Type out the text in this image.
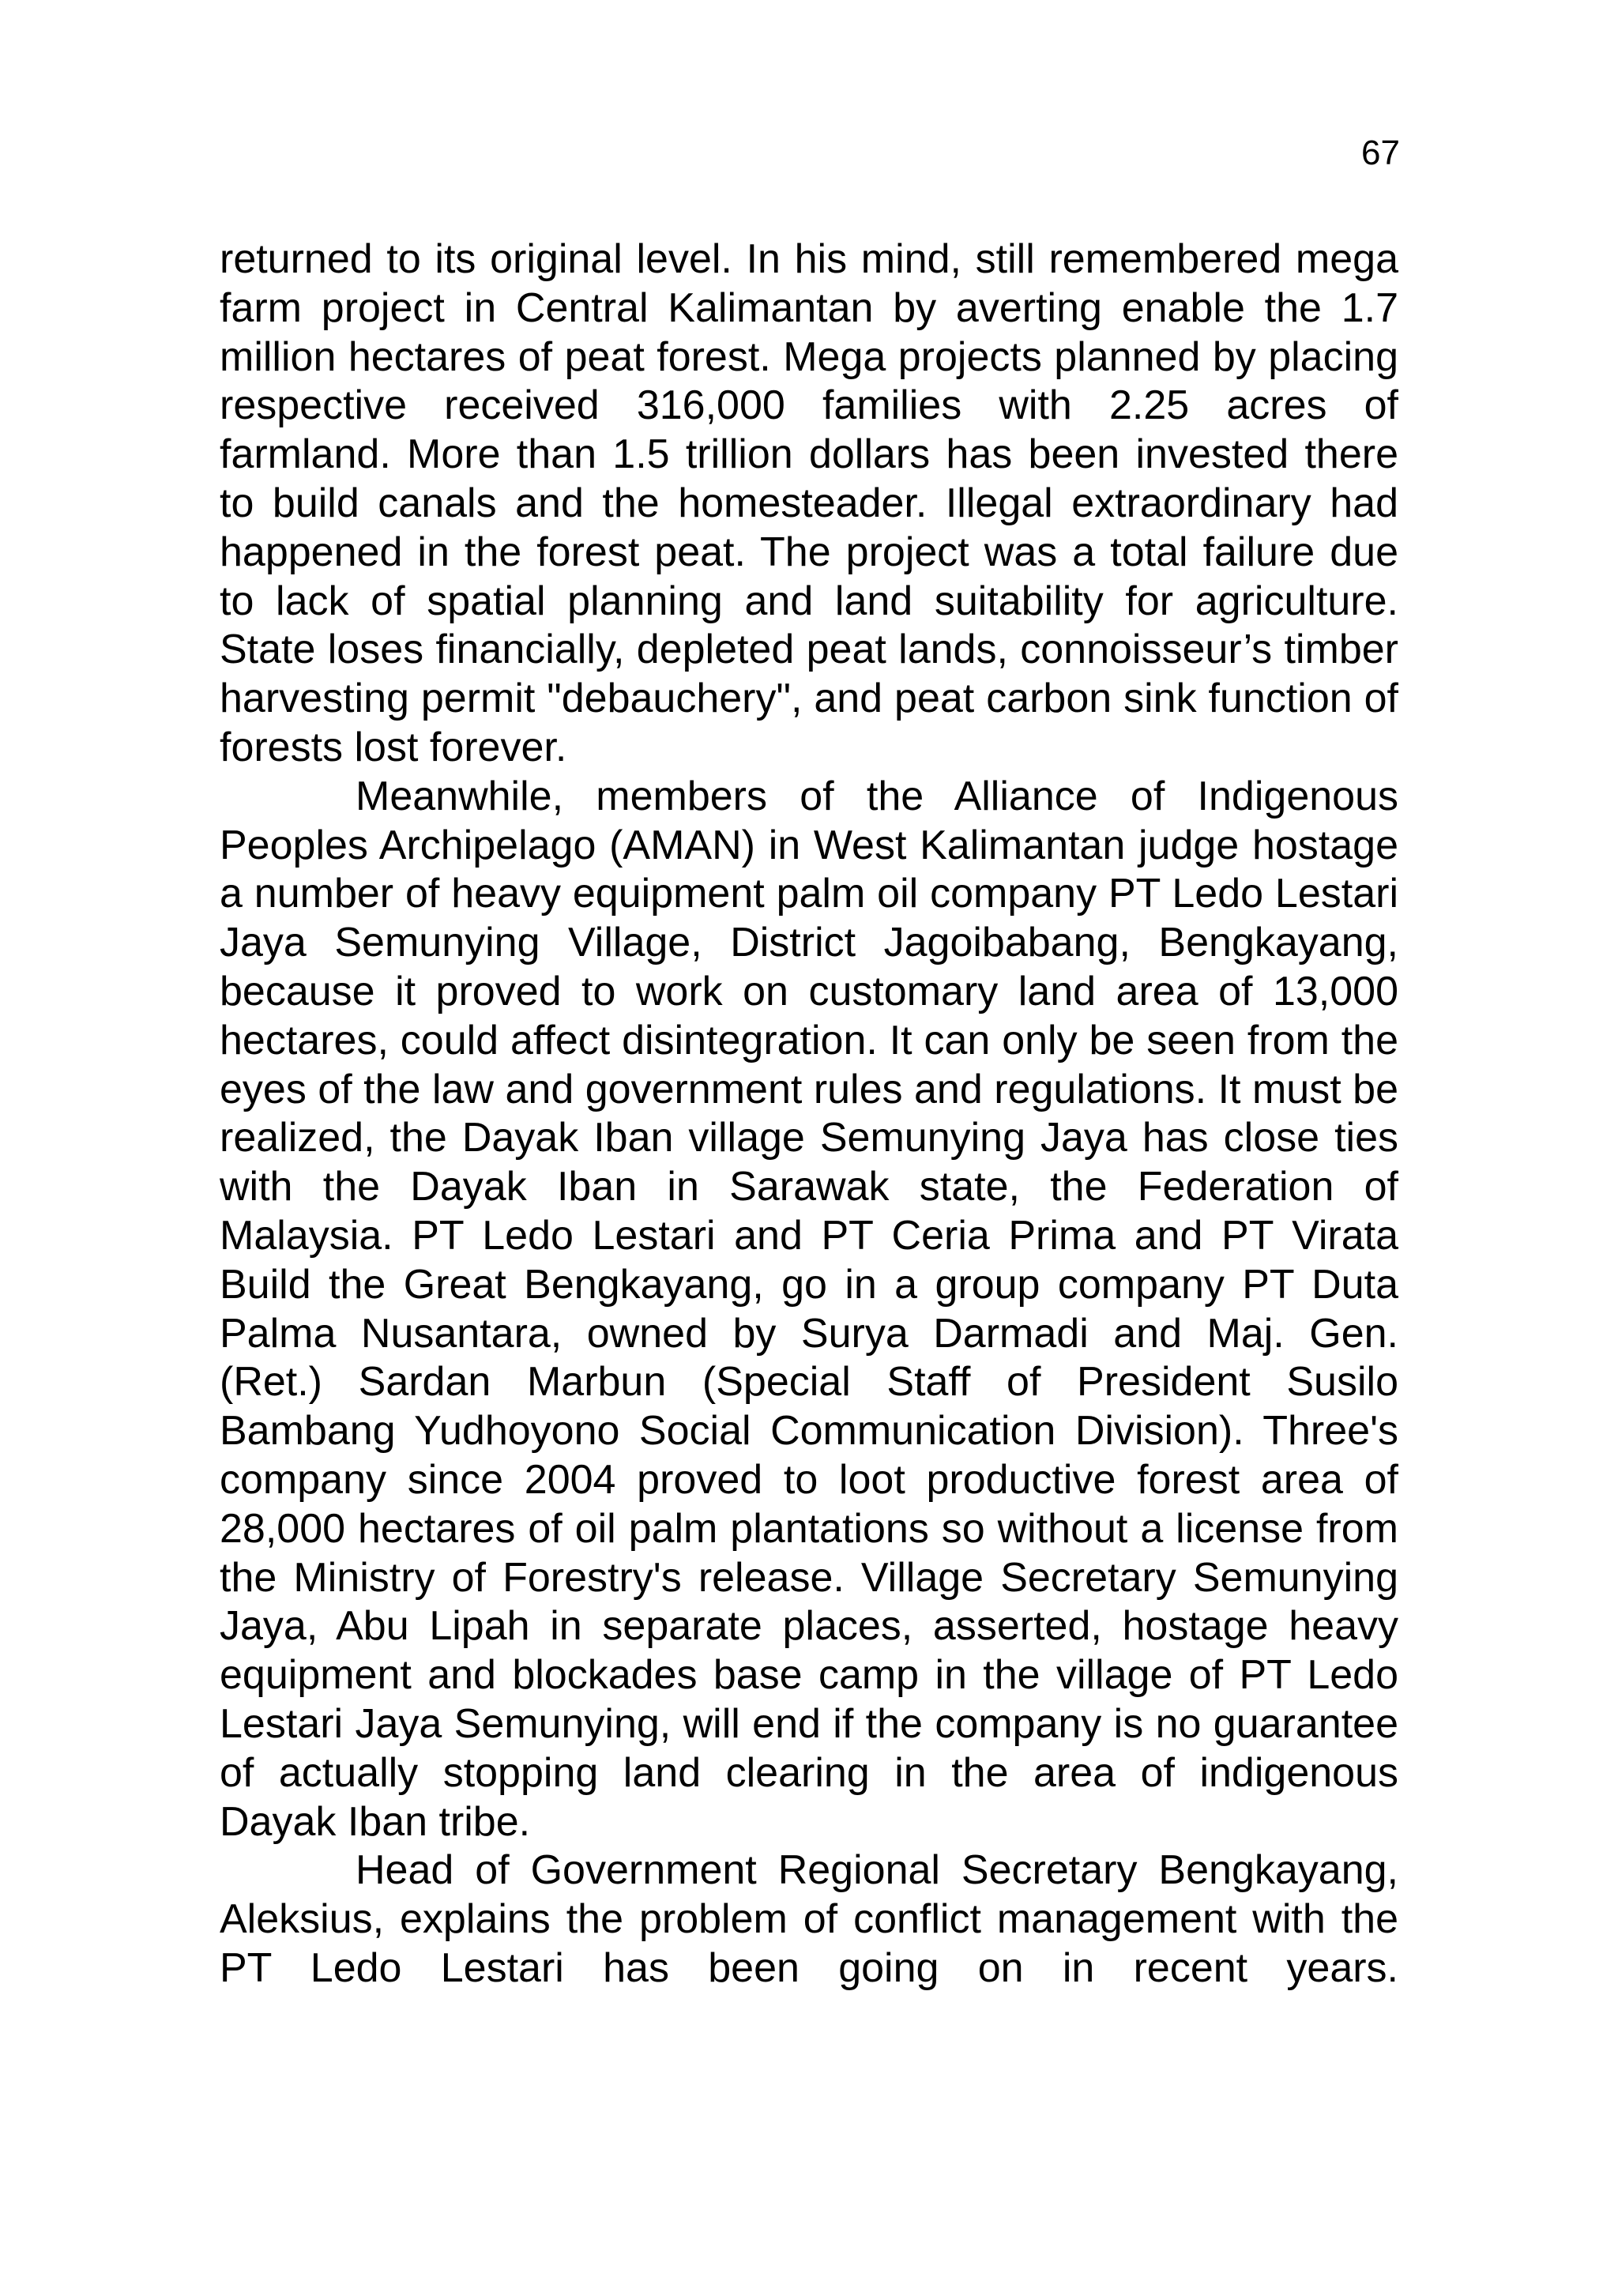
67

returned to its original level. In his mind, still remembered mega farm project in Central Kalimantan by averting enable the 1.7 million hectares of peat forest. Mega projects planned by placing respective received 316,000 families with 2.25 acres of farmland. More than 1.5 trillion dollars has been invested there to build canals and the homesteader. Illegal extraordinary had happened in the forest peat. The project was a total failure due to lack of spatial planning and land suitability for agriculture. State loses financially, depleted peat lands, connoisseur’s timber harvesting permit "debauchery", and peat carbon sink function of forests lost forever.

Meanwhile, members of the Alliance of Indigenous Peoples Archipelago (AMAN) in West Kalimantan judge hostage a number of heavy equipment palm oil company PT Ledo Lestari Jaya Semunying Village, District Jagoibabang, Bengkayang, because it proved to work on customary land area of 13,000 hectares, could affect disintegration. It can only be seen from the eyes of the law and government rules and regulations. It must be realized, the Dayak Iban village Semunying Jaya has close ties with the Dayak Iban in Sarawak state, the Federation of Malaysia. PT Ledo Lestari and PT Ceria Prima and PT Virata Build the Great Bengkayang, go in a group company PT Duta Palma Nusantara, owned by Surya Darmadi and Maj. Gen. (Ret.) Sardan Marbun (Special Staff of President Susilo Bambang Yudhoyono Social Communication Division). Three's company since 2004 proved to loot productive forest area of 28,000 hectares of oil palm plantations so without a license from the Ministry of Forestry's release. Village Secretary Semunying Jaya, Abu Lipah in separate places, asserted, hostage heavy equipment and blockades base camp in the village of PT Ledo Lestari Jaya Semunying, will end if the company is no guarantee of actually stopping land clearing in the area of indigenous Dayak Iban tribe.

Head of Government Regional Secretary Bengkayang, Aleksius, explains the problem of conflict management with the PT Ledo Lestari has been going on in recent years.
